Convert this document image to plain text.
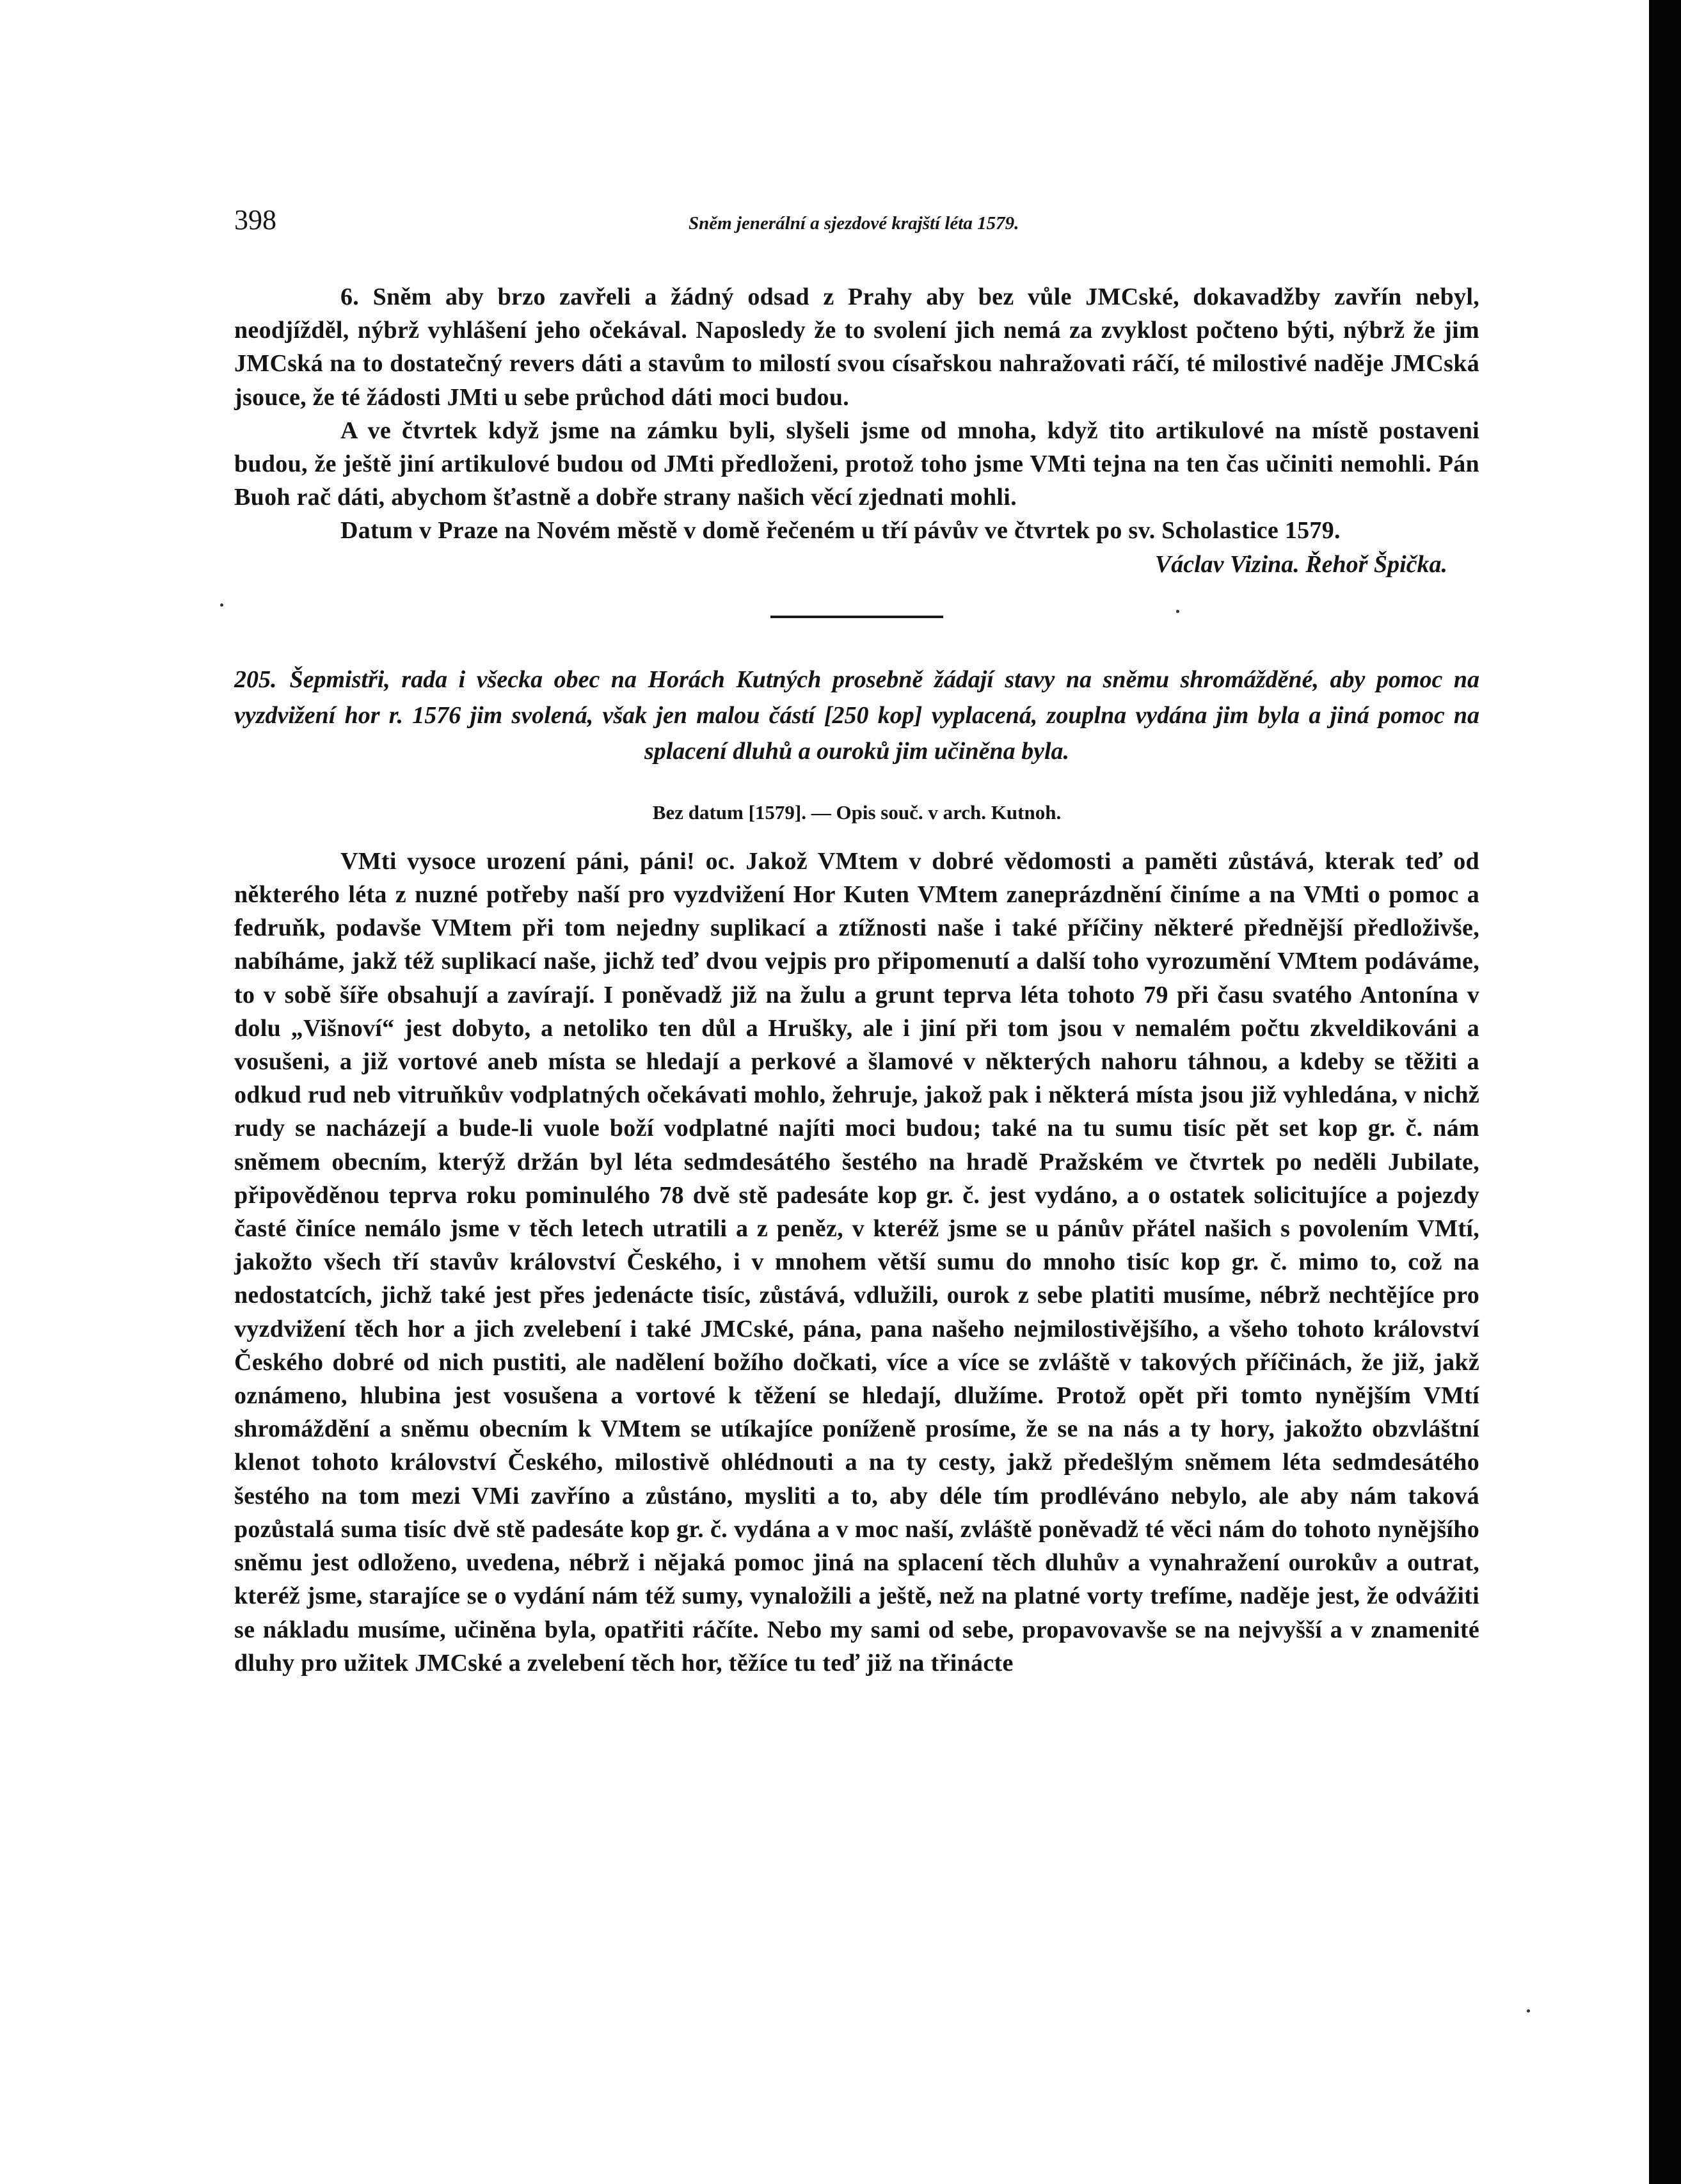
398	Sněm jenerální a sjezdové krajští léta 1579.

6. Sněm aby brzo zavřeli a žádný odsad z Prahy aby bez vůle JMCské, dokavadžby zavřín nebyl, neodjížděl, nýbrž vyhlášení jeho očekával. Naposledy že to svolení jich nemá za zvyklost počteno býti, nýbrž že jim JMCská na to dostatečný revers dáti a stavům to milostí svou císařskou nahražovati ráčí, té milostivé naděje JMCská jsouce, že té žádosti JMti u sebe průchod dáti moci budou.

A ve čtvrtek když jsme na zámku byli, slyšeli jsme od mnoha, když tito artikulové na místě postaveni budou, že ještě jiní artikulové budou od JMti předloženi, protož toho jsme VMti tejna na ten čas učiniti nemohli. Pán Buoh rač dáti, abychom šťastně a dobře strany našich věcí zjednati mohli.

Datum v Praze na Novém městě v domě řečeném u tří pávův ve čtvrtek po sv. Scholastice 1579.

Václav Vizina. Řehoř Špička.
205. Šepmistři, rada i všecka obec na Horách Kutných prosebně žádají stavy na sněmu shromážděné, aby pomoc na vyzdvižení hor r. 1576 jim svolená, však jen malou částí [250 kop] vyplacená, zouplna vydána jim byla a jiná pomoc na splacení dluhů a ouroků jim učiněna byla.
Bez datum [1579]. — Opis souč. v arch. Kutnoh.

VMti vysoce urození páni, páni! oc. Jakož VMtem v dobré vědomosti a paměti zůstává, kterak teď od některého léta z nuzné potřeby naší pro vyzdvižení Hor Kuten VMtem zaneprázdnění činíme a na VMti o pomoc a fedruňk, podavše VMtem při tom nejedny suplikací a ztížnosti naše i také příčiny některé přednější předloživše, nabíháme, jakž též suplikací naše, jichž teď dvou vejpis pro připomenutí a další toho vyrozumění VMtem podáváme, to v sobě šíře obsahují a zavírají. I poněvadž již na žulu a grunt teprva léta tohoto 79 při času svatého Antonína v dolu „Višnoví“ jest dobyto, a netoliko ten důl a Hrušky, ale i jiní při tom jsou v nemalém počtu zkveldikováni a vosušeni, a již vortové aneb místa se hledají a perkové a šlamové v některých nahoru táhnou, a kdeby se těžiti a odkud rud neb vitruňkův vodplatných očekávati mohlo, žehruje, jakož pak i některá místa jsou již vyhledána, v nichž rudy se nacházejí a bude-li vuole boží vodplatné najíti moci budou; také na tu sumu tisíc pět set kop gr. č. nám sněmem obecním, kterýž držán byl léta sedmdesátého šestého na hradě Pražském ve čtvrtek po neděli Jubilate, připověděnou teprva roku pominulého 78 dvě stě padesáte kop gr. č. jest vydáno, a o ostatek solicitujíce a pojezdy časté činíce nemálo jsme v těch letech utratili a z peněz, v kteréž jsme se u pánův přátel našich s povolením VMtí, jakožto všech tří stavův království Českého, i v mnohem větší sumu do mnoho tisíc kop gr. č. mimo to, což na nedostatcích, jichž také jest přes jedenácte tisíc, zůstává, vdlužili, ourok z sebe platiti musíme, nébrž nechtějíce pro vyzdvižení těch hor a jich zvelebení i také JMCské, pána, pana našeho nejmilostivějšího, a všeho tohoto království Českého dobré od nich pustiti, ale nadělení božího dočkati, více a více se zvláště v takových příčinách, že již, jakž oznámeno, hlubina jest vosušena a vortové k těžení se hledají, dlužíme. Protož opět při tomto nynějším VMtí shromáždění a sněmu obecním k VMtem se utíkajíce poníženě prosíme, že se na nás a ty hory, jakožto obzvláštní klenot tohoto království Českého, milostivě ohlédnouti a na ty cesty, jakž předešlým sněmem léta sedmdesátého šestého na tom mezi VMi zavříno a zůstáno, mysliti a to, aby déle tím prodléváno nebylo, ale aby nám taková pozůstalá suma tisíc dvě stě padesáte kop gr. č. vydána a v moc naší, zvláště poněvadž té věci nám do tohoto nynějšího sněmu jest odloženo, uvedena, nébrž i nějaká pomoc jiná na splacení těch dluhův a vynahražení ourokův a outrat, kteréž jsme, starajíce se o vydání nám též sumy, vynaložili a ještě, než na platné vorty trefíme, naděje jest, že odvážiti se nákladu musíme, učiněna byla, opatřiti ráčíte. Nebo my sami od sebe, propavovavše se na nejvyšší a v znamenité dluhy pro užitek JMCské a zvelebení těch hor, těžíce tu teď již na třinácte
